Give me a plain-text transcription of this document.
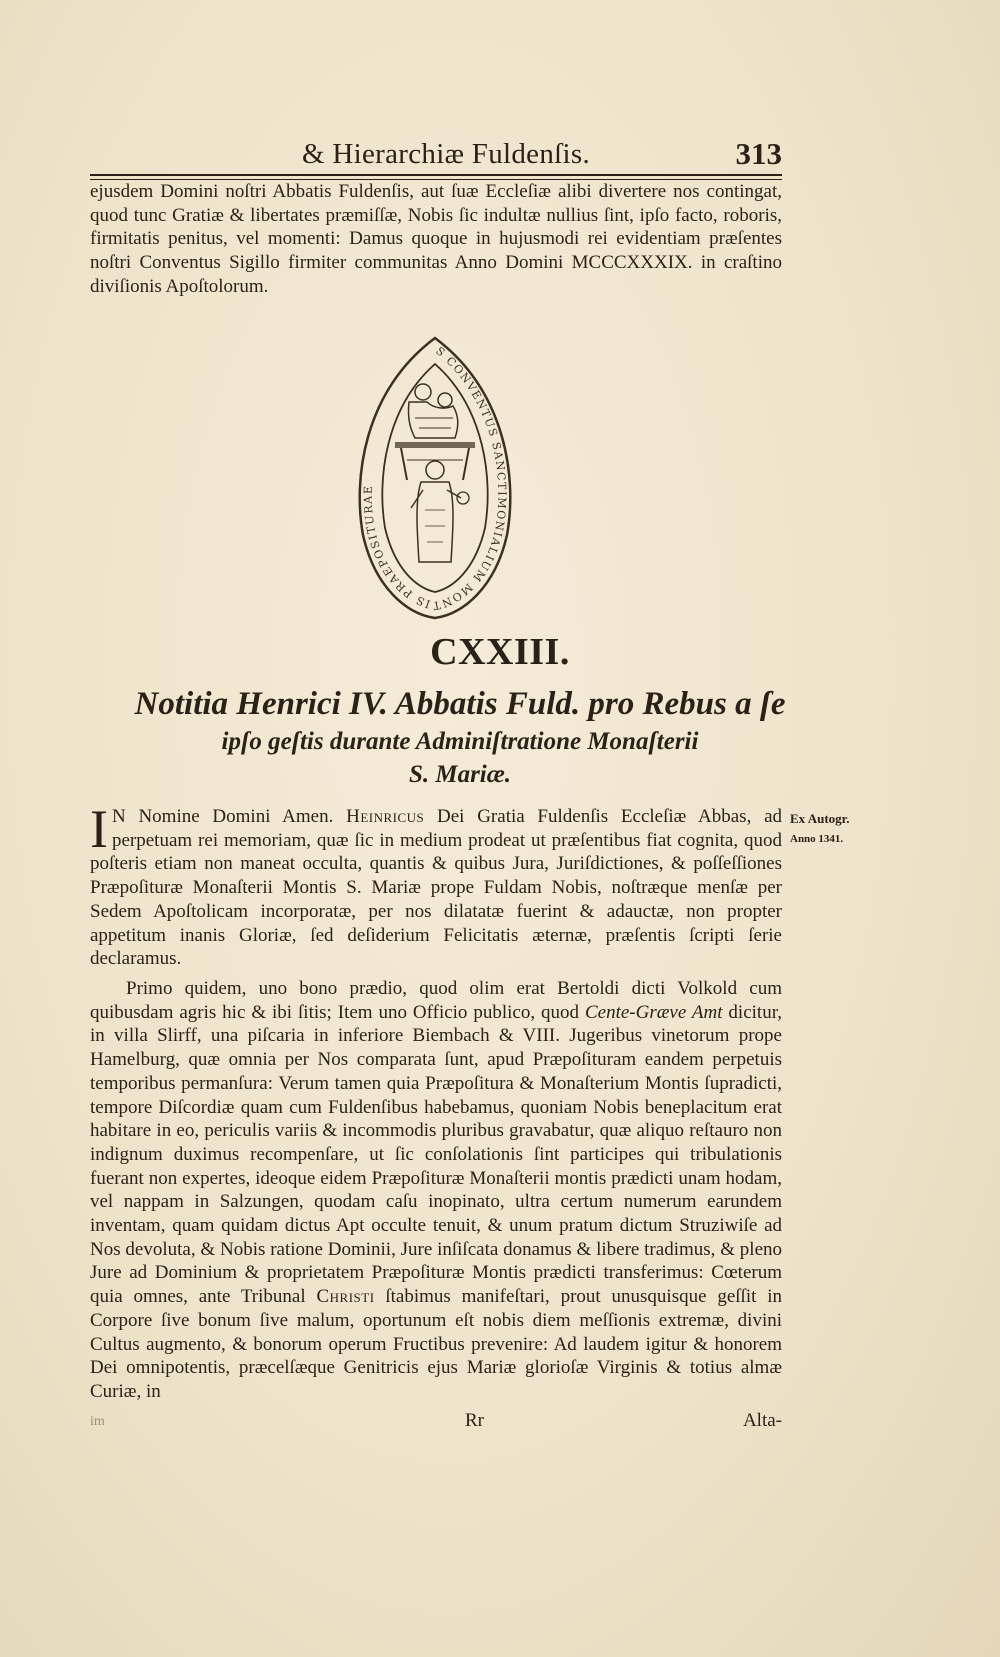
& Hierarchiæ Fuldenſis.	313

ejusdem Domini noſtri Abbatis Fuldenſis, aut ſuæ Eccleſiæ alibi divertere nos contingat, quod tunc Gratiæ & libertates præmiſſæ, Nobis ſic indultæ nullius ſint, ipſo facto, roboris, firmitatis penitus, vel momenti: Damus quoque in hujusmodi rei evidentiam præſentes noſtri Conventus Sigillo firmiter communitas Anno Domini MCCCXXXIX. in craſtino diviſionis Apoſtolorum.

S CONVENTUS SANCTIMONIALIUM MONTIS PRAEPOSITURAE
CXXIII.
Notitia Henrici IV. Abbatis Fuld. pro Rebus a ſe
ipſo geſtis durante Adminiſtratione Monaſterii
S. Mariæ.

I N Nomine Domini Amen. Heinricus Dei Gratia Fuldenſis Eccleſiæ Abbas, ad perpetuam rei memoriam, quæ ſic in medium prodeat ut præſentibus fiat cognita, quod poſteris etiam non maneat occulta, quantis & quibus Jura, Juriſdictiones, & poſſeſſiones Præpoſituræ Monaſterii Montis S. Mariæ prope Fuldam Nobis, noſtræque menſæ per Sedem Apoſtolicam incorporatæ, per nos dilatatæ fuerint & adauctæ, non propter appetitum inanis Gloriæ, ſed deſiderium Felicitatis æternæ, præſentis ſcripti ſerie declaramus.

Ex Autogr.
Anno 1341.

Primo quidem, uno bono prædio, quod olim erat Bertoldi dicti Volkold cum quibusdam agris hic & ibi ſitis; Item uno Officio publico, quod Cente-Græve Amt dicitur, in villa Slirff, una piſcaria in inferiore Biembach & VIII. Jugeribus vinetorum prope Hamelburg, quæ omnia per Nos comparata ſunt, apud Præpoſituram eandem perpetuis temporibus permanſura: Verum tamen quia Præpoſitura & Monaſterium Montis ſupradicti, tempore Diſcordiæ quam cum Fuldenſibus habebamus, quoniam Nobis beneplacitum erat habitare in eo, periculis variis & incommodis pluribus gravabatur, quæ aliquo reſtauro non indignum duximus recompenſare, ut ſic conſolationis ſint participes qui tribulationis fuerant non expertes, ideoque eidem Præpoſituræ Monaſterii montis prædicti unam hodam, vel nappam in Salzungen, quodam caſu inopinato, ultra certum numerum earundem inventam, quam quidam dictus Apt occulte tenuit, & unum pratum dictum Struziwiſe ad Nos devoluta, & Nobis ratione Dominii, Jure inſiſcata donamus & libere tradimus, & pleno Jure ad Dominium & proprietatem Præpoſituræ Montis prædicti transferimus: Cœterum quia omnes, ante Tribunal Christi ſtabimus manifeſtari, prout unusquisque geſſit in Corpore ſive bonum ſive malum, oportunum eſt nobis diem meſſionis extremæ, divini Cultus augmento, & bonorum operum Fructibus prevenire: Ad laudem igitur & honorem Dei omnipotentis, præcelſæque Genitricis ejus Mariæ glorioſæ Virginis & totius almæ Curiæ, in

im	Rr	Alta-
